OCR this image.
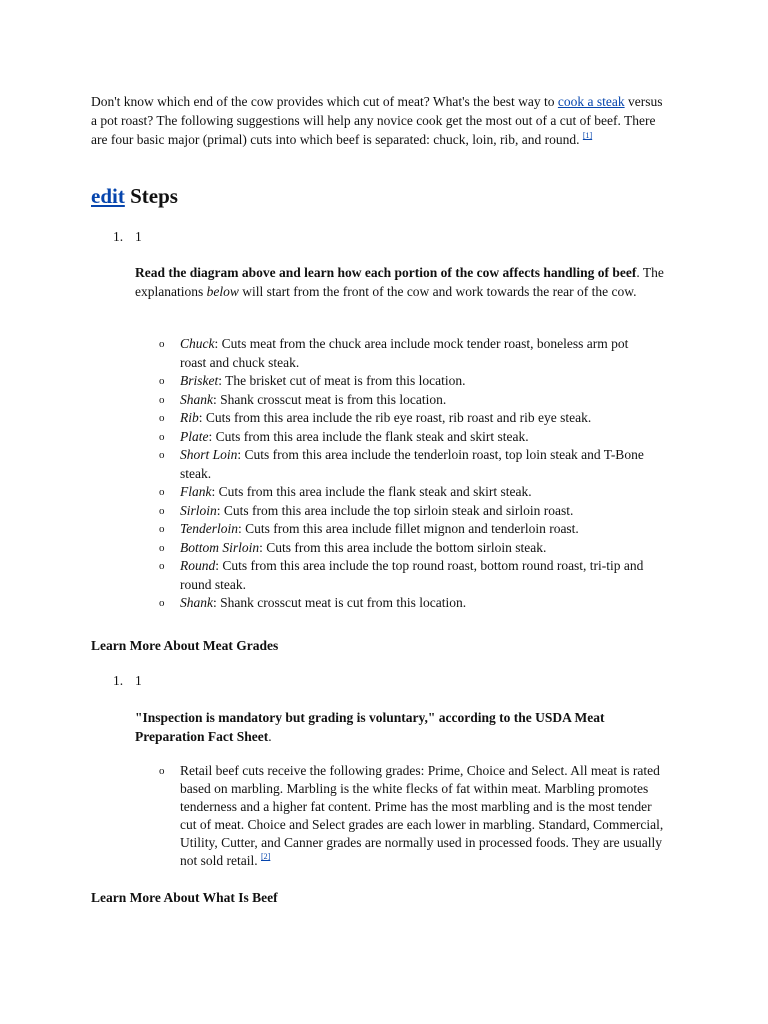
Don't know which end of the cow provides which cut of meat? What's the best way to cook a steak versus a pot roast? The following suggestions will help any novice cook get the most out of a cut of beef. There are four basic major (primal) cuts into which beef is separated: chuck, loin, rib, and round. [1]

edit Steps
1. 1
Read the diagram above and learn how each portion of the cow affects handling of beef. The explanations below will start from the front of the cow and work towards the rear of the cow.
o Chuck: Cuts meat from the chuck area include mock tender roast, boneless arm pot roast and chuck steak.
o Brisket: The brisket cut of meat is from this location.
o Shank: Shank crosscut meat is from this location.
o Rib: Cuts from this area include the rib eye roast, rib roast and rib eye steak.
o Plate: Cuts from this area include the flank steak and skirt steak.
o Short Loin: Cuts from this area include the tenderloin roast, top loin steak and T-Bone steak.
o Flank: Cuts from this area include the flank steak and skirt steak.
o Sirloin: Cuts from this area include the top sirloin steak and sirloin roast.
o Tenderloin: Cuts from this area include fillet mignon and tenderloin roast.
o Bottom Sirloin: Cuts from this area include the bottom sirloin steak.
o Round: Cuts from this area include the top round roast, bottom round roast, tri-tip and round steak.
o Shank: Shank crosscut meat is cut from this location.
Learn More About Meat Grades
1. 1
"Inspection is mandatory but grading is voluntary," according to the USDA Meat Preparation Fact Sheet.
o Retail beef cuts receive the following grades: Prime, Choice and Select. All meat is rated based on marbling. Marbling is the white flecks of fat within meat. Marbling promotes tenderness and a higher fat content. Prime has the most marbling and is the most tender cut of meat. Choice and Select grades are each lower in marbling. Standard, Commercial, Utility, Cutter, and Canner grades are normally used in processed foods. They are usually not sold retail. [2]
Learn More About What Is Beef
